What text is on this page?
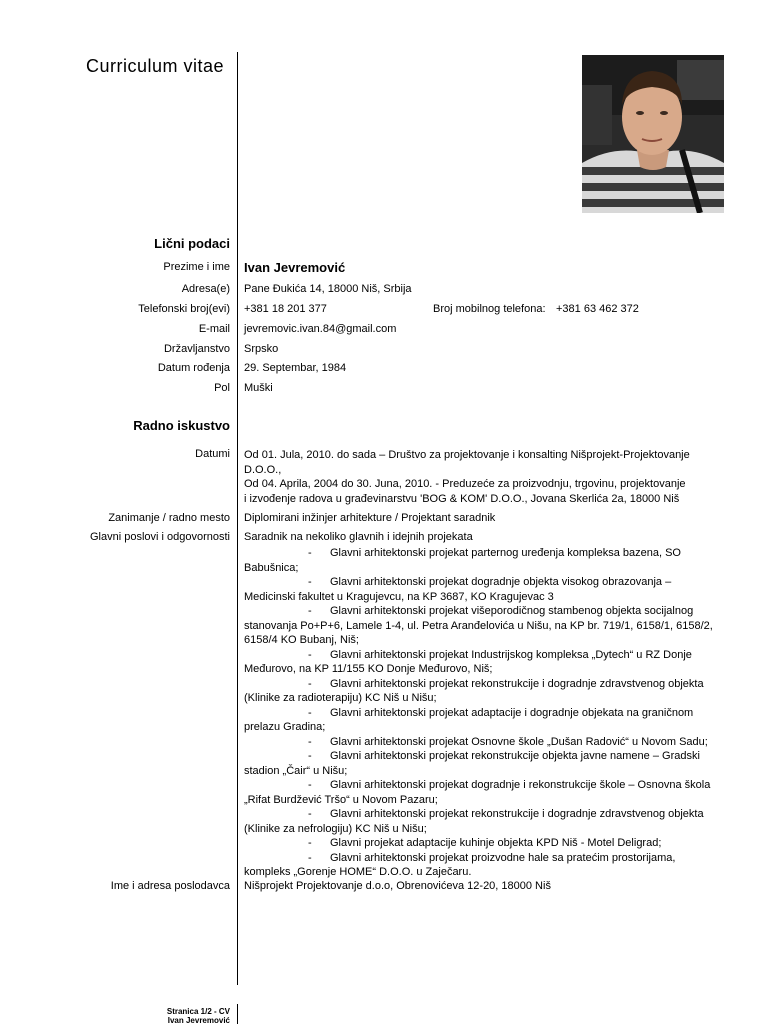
Curriculum vitae
Lični podaci
Prezime i ime Ivan Jevremović
Adresa(e) Pane Đukića 14, 18000 Niš, Srbija
Telefonski broj(evi) +381 18 201 377	Broj mobilnog telefona: +381 63 462 372
E-mail jevremovic.ivan.84@gmail.com
Državljanstvo Srpsko
Datum rođenja 29. Septembar, 1984
Pol Muški
Radno iskustvo
Datumi Od 01. Jula, 2010. do sada – Društvo za projektovanje i konsalting Nišprojekt-Projektovanje
D.O.O.,
Od 04. Aprila, 2004 do 30. Juna, 2010. - Preduzeće za proizvodnju, trgovinu, projektovanje
i izvođenje radova u građevinarstvu 'BOG & KOM' D.O.O., Jovana Skerlića 2a, 18000 Niš
Zanimanje / radno mesto Diplomirani inžinjer arhitekture / Projektant saradnik
Glavni poslovi i odgovornosti Saradnik na nekoliko glavnih i idejnih projekata
- Glavni arhitektonski projekat parternog uređenja kompleksa bazena, SO Babušnica;
- Glavni arhitektonski projekat dogradnje objekta visokog obrazovanja – Medicinski fakultet u Kragujevcu, na KP 3687, KO Kragujevac 3
- Glavni arhitektonski projekat višeporodičnog stambenog objekta socijalnog stanovanja Po+P+6, Lamele 1-4, ul. Petra Aranđelovića u Nišu, na KP br. 719/1, 6158/1, 6158/2, 6158/4 KO Bubanj, Niš;
- Glavni arhitektonski projekat Industrijskog kompleksa „Dytech“ u RZ Donje Međurovo, na KP 11/155 KO Donje Međurovo, Niš;
- Glavni arhitektonski projekat rekonstrukcije i dogradnje zdravstvenog objekta (Klinike za radioterapiju) KC Niš u Nišu;
- Glavni arhitektonski projekat adaptacije i dogradnje objekata na graničnom prelazu Gradina;
- Glavni arhitektonski projekat Osnovne škole „Dušan Radović“ u Novom Sadu;
- Glavni arhitektonski projekat rekonstrukcije objekta javne namene – Gradski stadion „Čair“ u Nišu;
- Glavni arhitektonski projekat dogradnje i rekonstrukcije škole – Osnovna škola „Rifat Burdžević Tršo“ u Novom Pazaru;
- Glavni arhitektonski projekat rekonstrukcije i dogradnje zdravstvenog objekta (Klinike za nefrologiju) KC Niš u Nišu;
- Glavni projekat adaptacije kuhinje objekta KPD Niš - Motel Deligrad;
- Glavni arhitektonski projekat proizvodne hale sa pratećim prostorijama, kompleks „Gorenje HOME“ D.O.O. u Zaječaru.
Ime i adresa poslodavca Nišprojekt Projektovanje d.o.o, Obrenovićeva 12-20, 18000 Niš
Stranica 1/2 - CV
Ivan Jevremović
